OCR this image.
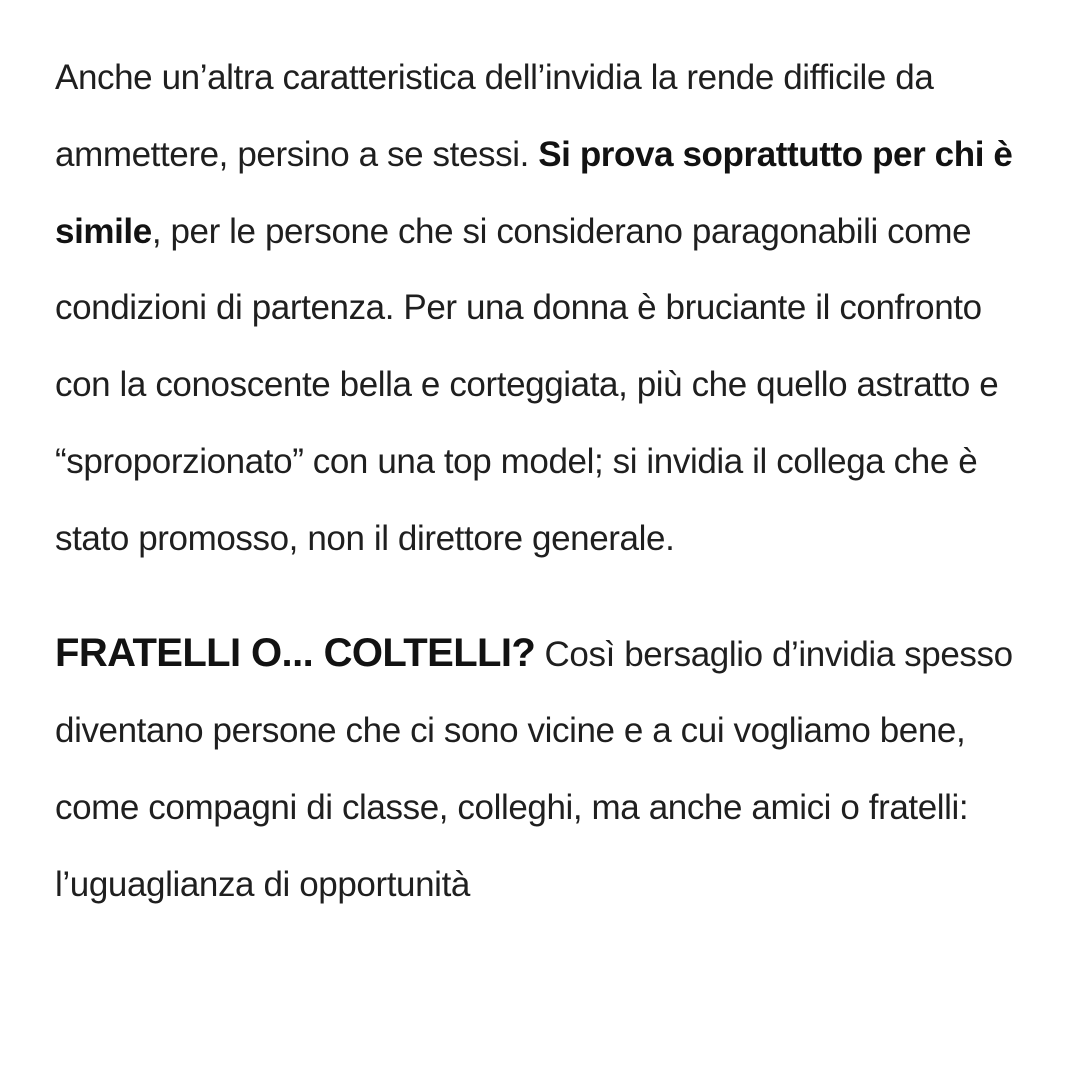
Anche un’altra caratteristica dell’invidia la rende difficile da ammettere, persino a se stessi. Si prova soprattutto per chi è simile, per le persone che si considerano paragonabili come condizioni di partenza. Per una donna è bruciante il confronto con la conoscente bella e corteggiata, più che quello astratto e “sproporzionato” con una top model; si invidia il collega che è stato promosso, non il direttore generale.

FRATELLI O... COLTELLI? Così bersaglio d’invidia spesso diventano persone che ci sono vicine e a cui vogliamo bene, come compagni di classe, colleghi, ma anche amici o fratelli: l’uguaglianza di opportunità
